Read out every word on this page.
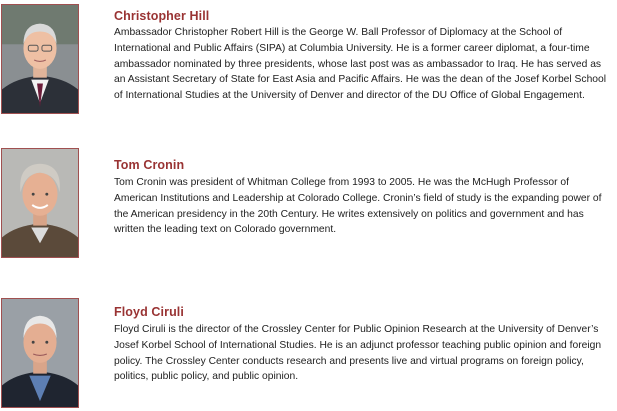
Christopher Hill

Ambassador Christopher Robert Hill is the George W. Ball Professor of Diplomacy at the School of International and Public Affairs (SIPA) at Columbia University. He is a former career diplomat, a four-time ambassador nominated by three presidents, whose last post was as ambassador to Iraq. He has served as an Assistant Secretary of State for East Asia and Pacific Affairs. He was the dean of the Josef Korbel School of International Studies at the University of Denver and director of the DU Office of Global Engagement.

Tom Cronin

Tom Cronin was president of Whitman College from 1993 to 2005. He was the McHugh Professor of American Institutions and Leadership at Colorado College. Cronin’s field of study is the expanding power of the American presidency in the 20th Century. He writes extensively on politics and government and has written the leading text on Colorado government.

Floyd Ciruli

Floyd Ciruli is the director of the Crossley Center for Public Opinion Research at the University of Denver’s Josef Korbel School of International Studies. He is an adjunct professor teaching public opinion and foreign policy. The Crossley Center conducts research and presents live and virtual programs on foreign policy, politics, public policy, and public opinion.
